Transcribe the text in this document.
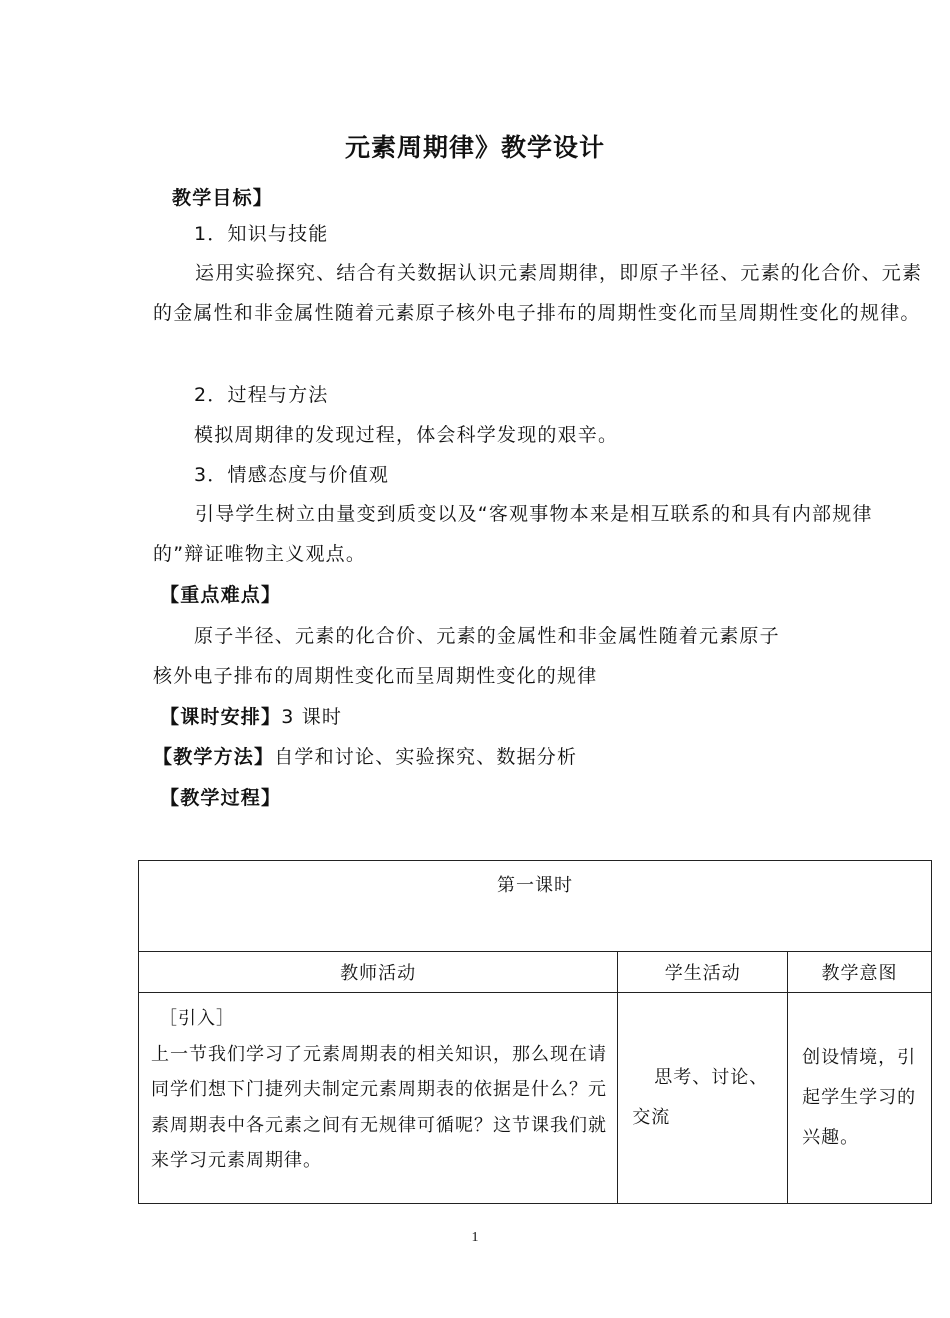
元素周期律》教学设计
教学目标】
1．知识与技能
运用实验探究、结合有关数据认识元素周期律，即原子半径、元素的化合价、元素的金属性和非金属性随着元素原子核外电子排布的周期性变化而呈周期性变化的规律。
2．过程与方法
模拟周期律的发现过程，体会科学发现的艰辛。
3．情感态度与价值观
引导学生树立由量变到质变以及“客观事物本来是相互联系的和具有内部规律的”辩证唯物主义观点。
【重点难点】
原子半径、元素的化合价、元素的金属性和非金属性随着元素原子
核外电子排布的周期性变化而呈周期性变化的规律
【课时安排】3 课时
【教学方法】自学和讨论、实验探究、数据分析
【教学过程】
第一课时		
教师活动	学生活动	教学意图

［引入］
上一节我们学习了元素周期表的相关知识，那么现在请同学们想下门捷列夫制定元素周期表的依据是什么？元素周期表中各元素之间有无规律可循呢？这节课我们就来学习元素周期律。	思考、讨论、交流	创设情境，引起学生学习的兴趣。
1
